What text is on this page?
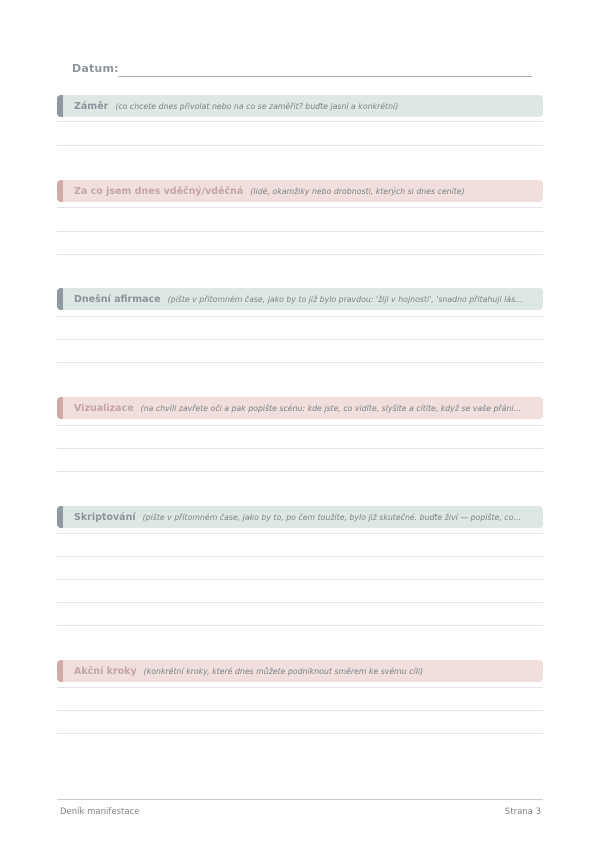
Datum:
Záměr (co chcete dnes přivolat nebo na co se zaměřit? buďte jasní a konkrétní)
Za co jsem dnes vděčný/vděčná (lidé, okamžiky nebo drobnosti, kterých si dnes ceníte)
Dnešní afirmace (pište v přítomném čase, jako by to již bylo pravdou: 'žiji v hojnosti', 'snadno přitahuji lás…
Vizualizace (na chvíli zavřete oči a pak popište scénu: kde jste, co vidíte, slyšíte a cítíte, když se vaše přání…
Skriptování (pište v přítomném čase, jako by to, po čem toužíte, bylo již skutečné. buďte živí — popište, co…
Akční kroky (konkrétní kroky, které dnes můžete podniknout směrem ke svému cíli)
Deník manifestace	Strana 3
